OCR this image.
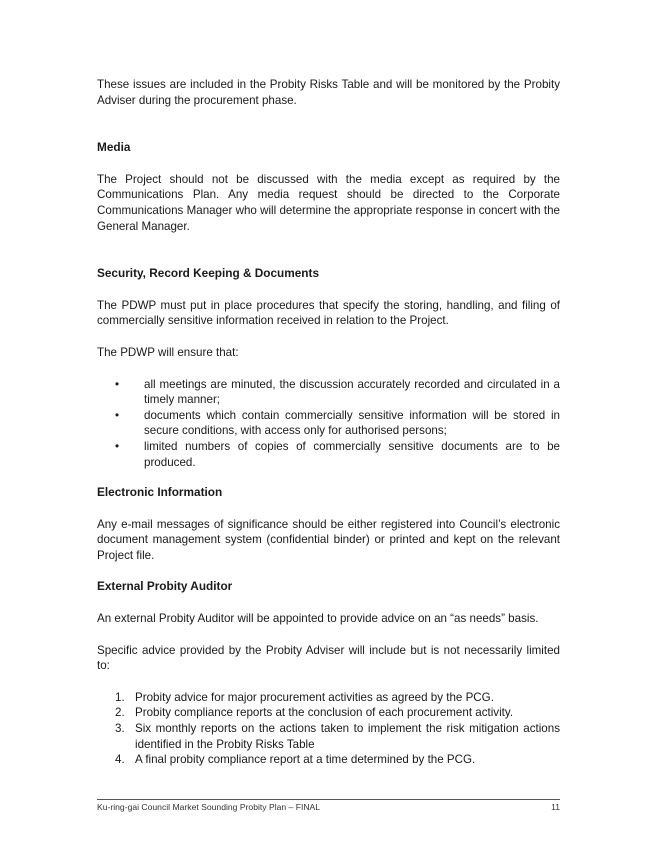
These issues are included in the Probity Risks Table and will be monitored by the Probity Adviser during the procurement phase.

Media

The Project should not be discussed with the media except as required by the Communications Plan. Any media request should be directed to the Corporate Communications Manager who will determine the appropriate response in concert with the General Manager.

Security, Record Keeping & Documents

The PDWP must put in place procedures that specify the storing, handling, and filing of commercially sensitive information received in relation to the Project.

The PDWP will ensure that:

• all meetings are minuted, the discussion accurately recorded and circulated in a timely manner;
• documents which contain commercially sensitive information will be stored in secure conditions, with access only for authorised persons;
• limited numbers of copies of commercially sensitive documents are to be produced.
Electronic Information

Any e-mail messages of significance should be either registered into Council’s electronic document management system (confidential binder) or printed and kept on the relevant Project file.

External Probity Auditor

An external Probity Auditor will be appointed to provide advice on an “as needs” basis.

Specific advice provided by the Probity Adviser will include but is not necessarily limited to:

1. Probity advice for major procurement activities as agreed by the PCG.
2. Probity compliance reports at the conclusion of each procurement activity.
3. Six monthly reports on the actions taken to implement the risk mitigation actions identified in the Probity Risks Table
4. A final probity compliance report at a time determined by the PCG.
Ku-ring-gai Council Market Sounding Probity Plan – FINAL	11
